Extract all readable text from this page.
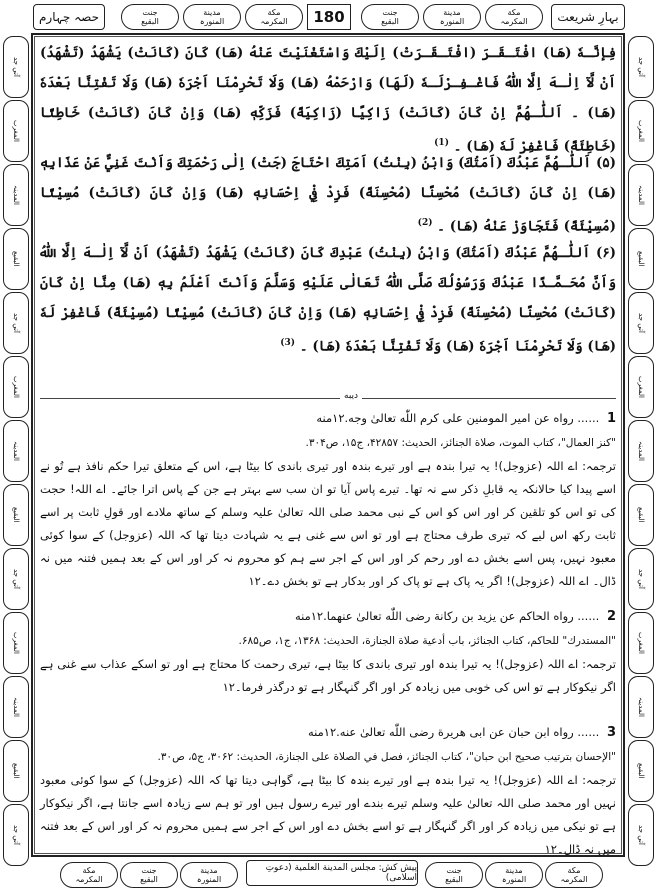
حصہ چہارم	جنت
البقیع
مدینة
المنورہ
مکة
المکرمہ	180	جنت
البقیع
مدینة
المنورہ
مکة
المکرمہ	بہارِ شریعت
آتي جد
المغرب
المدینہ
البقیع
آتي جد
المغرب
المدینہ
البقیع
آتي جد
المغرب
المدینہ
البقیع
آتي جد
آتي جد
المغرب
المدینہ
البقیع
آتي جد
المغرب
المدینہ
البقیع
آتي جد
المغرب
المدینہ
البقیع
آتي جد
فِإنَّـهٗ (هَا) افْتَـقَـرَ (افْتَـقَـرَتْ) اِلَيْكَ وَاسْتَغْنَيْتَ عَنْهُ (هَا) كَانَ (كَانَتْ) يَشْهَدُ (تَشْهَدُ) اَنْ لَّآ اِلٰـهَ اِلَّا اللّٰهُ فَاغْـفِـرْلَـهٗ (لَهَا) وَارْحَمْهُ (هَا) وَلَا تَحْرِمْنَا اَجْرَهٗ (هَا) وَلَا تَفْتِنَّا بَعْدَهٗ (هَا) ۔ اَللّٰـهُمَّ اِنْ كَانَ (كَانَتْ) زَاكِيًا (زَاكِيَةً) فَزَكِّهٖ (هَا) وَاِنْ كَانَ (كَانَتْ) خَاطِئًا (خَاطِئَةً) فَاغْفِرْ لَهٗ (هَا) ۔ $^{(1)}$
(۵) اَللّٰـهُمَّ عَبْدُكَ (اَمَتُكَ) وَابْنُ (بِنْتُ) اَمَتِكَ احْتَاجَ (جَتْ) اِلٰى رَحْمَتِكَ وَاَنْتَ غَنِيٌّ عَنْ عَذَابِهٖ (هَا) اِنْ كَانَ (كَانَتْ) مُحْسِنًا (مُحْسِنَةً) فَزِدْ فِيْ اِحْسَانِهٖ (هَا) وَاِنْ كَانَ (كَانَتْ) مُسِيْئًا (مُسِيْئَةً) فَتَجَاوَزْ عَنْهُ (هَا) ۔ $^{(2)}$
(۶) اَللّٰـهُمَّ عَبْدُكَ (اَمَتُكَ) وَابْنُ (بِنْتُ) عَبْدِكَ كَانَ (كَانَتْ) يَشْهَدُ (تَشْهَدُ) اَنْ لَّآ اِلٰـهَ اِلَّا اللّٰهُ وَاَنَّ مُحَـمَّـدًا عَبْدُكَ وَرَسُوْلُكَ صَلَّى اللّٰهُ تَعَالٰى عَلَيْهِ وَسَلَّمَ وَاَنْتَ اَعْلَمُ بِهٖ (هَا) مِنَّا اِنْ كَانَ (كَانَتْ) مُحْسِنًا (مُحْسِنَةً) فَزِدْ فِيْ اِحْسَانِهٖ (هَا) وَاِنْ كَانَ (كَانَتْ) مُسِيْئًا (مُسِيْئَةً) فَاغْفِرْ لَهٗ (هَا) وَلَا تَحْرِمْنَا اَجْرَهٗ (هَا) وَلَا تَفْتِنَّا بَعْدَهٗ (هَا) ۔ $^{(3)}$
دیبه
1 ...... رواه عن امير المومنين علی كرم اللّٰه تعالیٰ وجه.۱۲منه
"كنز العمال"، كتاب الموت، صلاة الجنائز، الحديث: ۴۲۸۵۷، ج۱۵، ص۳۰۴.
ترجمہ: اے اللہ (عزوجل)! یہ تیرا بندہ ہے اور تیرے بندہ اور تیری باندی کا بیٹا ہے، اس کے متعلق تیرا حکم نافذ ہے تُو نے اسے پیدا کیا حالانکہ یہ قابلِ ذکر سے نہ تھا۔ تیرے پاس آیا تو ان سب سے بہتر ہے جن کے پاس اترا جائے۔ اے اللہ! حجت کی تو اس کو تلقین کر اور اس کو اس کے نبی محمد صلی اللہ تعالیٰ علیہ وسلم کے ساتھ ملادے اور قولِ ثابت پر اسے ثابت رکھ اس لیے کہ تیری طرف محتاج ہے اور تو اس سے غنی ہے یہ شہادت دیتا تھا کہ اللہ (عزوجل) کے سوا کوئی معبود نہیں، پس اسے بخش دے اور رحم کر اور اس کے اجر سے ہم کو محروم نہ کر اور اس کے بعد ہمیں فتنہ میں نہ ڈال۔ اے اللہ (عزوجل)! اگر یہ پاک ہے تو پاک کر اور بدکار ہے تو بخش دے۔۱۲
2 ...... رواه الحاكم عن يزيد بن ركانة رضی اللّٰه تعالیٰ عنهما.۱۲منه
"المستدرك" للحاكم، كتاب الجنائز، باب أدعية صلاة الجنازة، الحديث: ۱۳۶۸، ج۱، ص۶۸۵.
ترجمہ: اے اللہ (عزوجل)! یہ تیرا بندہ اور تیری باندی کا بیٹا ہے، تیری رحمت کا محتاج ہے اور تو اسکے عذاب سے غنی ہے اگر نیکوکار ہے تو اس کی خوبی میں زیادہ کر اور اگر گنہگار ہے تو درگذر فرما۔۱۲
3 ...... رواه ابن حبان عن ابی هريرة رضی اللّٰه تعالیٰ عنه.۱۲منه
"الإحسان بترتيب صحيح ابن حبان"، كتاب الجنائز، فصل في الصلاة على الجنازة، الحديث: ۳۰۶۲، ج۵، ص۳۰.
ترجمہ: اے اللہ (عزوجل)! یہ تیرا بندہ ہے اور تیرے بندہ کا بیٹا ہے، گواہی دیتا تھا کہ اللہ (عزوجل) کے سوا کوئی معبود نہیں اور محمد صلی اللہ تعالیٰ علیہ وسلم تیرے بندے اور تیرے رسول ہیں اور تو ہم سے زیادہ اسے جانتا ہے، اگر نیکوکار ہے تو نیکی میں زیادہ کر اور اگر گنہگار ہے تو اسے بخش دے اور اس کے اجر سے ہمیں محروم نہ کر اور اس کے بعد فتنہ میں نہ ڈال۔۱۲
جنت
البقیع
مدینة
المنورہ
پیش کش: مجلس المدینة العلمیة (دعوتِ اسلامی)
جنت
البقیع
مدینة
المنورہ
مکة
المکرمہ
مکة
المکرمہ
